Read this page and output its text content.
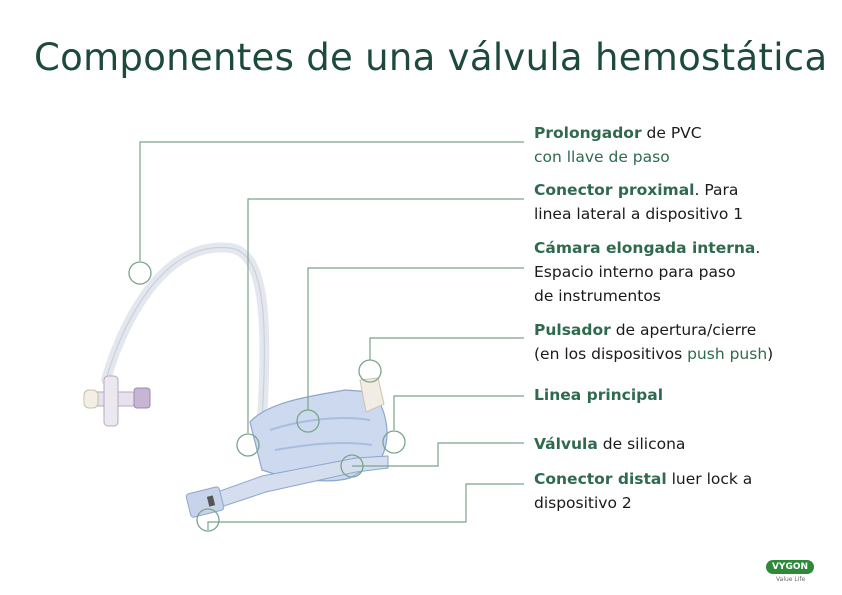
Componentes de una válvula hemostática
Prolongador de PVC
con llave de paso
Conector proximal. Para
linea lateral a dispositivo 1
Cámara elongada interna.
Espacio interno para paso
de instrumentos
Pulsador de apertura/cierre
(en los dispositivos push push)
Linea principal
Válvula de silicona
Conector distal luer lock a
dispositivo 2
VYGON
Value Life
